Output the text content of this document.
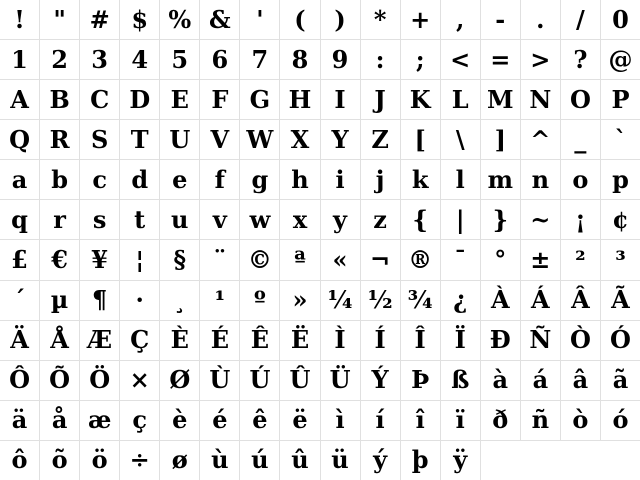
! " # $ % & ' ( ) * + , - . / 0
1 2 3 4 5 6 7 8 9 : ; < = > ? @
A B C D E F G H I J K L M N O P
Q R S T U V W X Y Z [ \ ] ^ _ `
a b c d e f g h i j k l m n o p
q r s t u v w x y z { | } ~ ¡ ¢
£ € ¥ ¦ § ¨ © ª « ¬ ® ¯ ° ± ² ³
´ µ ¶ · ¸ ¹ º » ¼ ½ ¾ ¿ À Á Â Ã
Ä Å Æ Ç È É Ê Ë Ì Í Î Ï Ð Ñ Ò Ó
Ô Õ Ö × Ø Ù Ú Û Ü Ý Þ ß à á â ã
ä å æ ç è é ê ë ì í î ï ð ñ ò ó
ô õ ö ÷ ø ù ú û ü ý þ ÿ
